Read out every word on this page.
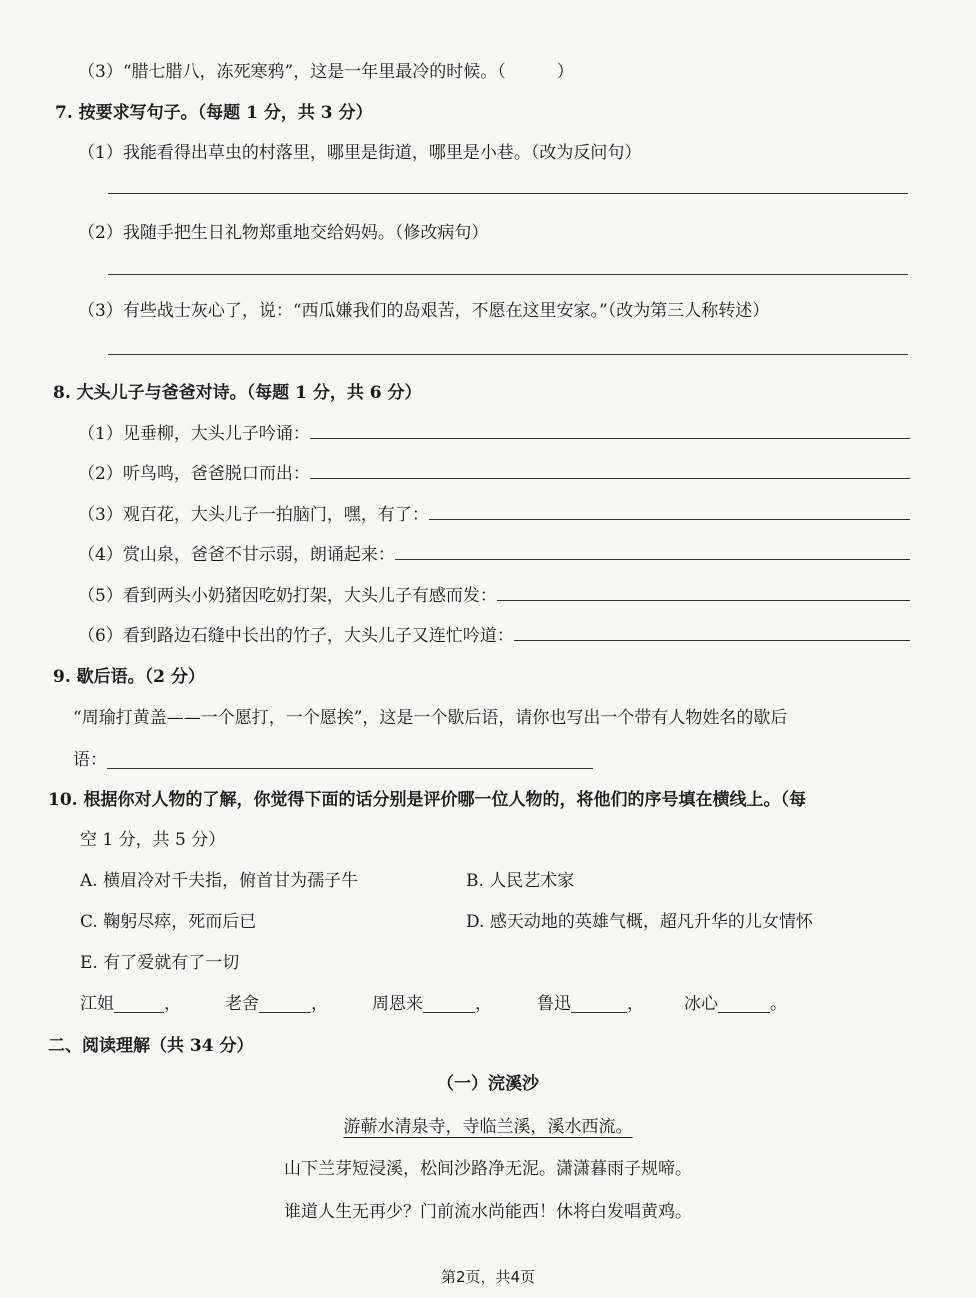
（3）“腊七腊八，冻死寒鸦”，这是一年里最冷的时候。（　　　）
7. 按要求写句子。（每题 1 分，共 3 分）
（1）我能看得出草虫的村落里，哪里是街道，哪里是小巷。（改为反问句）
（2）我随手把生日礼物郑重地交给妈妈。（修改病句）
（3）有些战士灰心了，说：“西瓜嫌我们的岛艰苦，不愿在这里安家。”（改为第三人称转述）
8. 大头儿子与爸爸对诗。（每题 1 分，共 6 分）
（1）见垂柳，大头儿子吟诵：
（2）听鸟鸣，爸爸脱口而出：
（3）观百花，大头儿子一拍脑门，嘿，有了：
（4）赏山泉，爸爸不甘示弱，朗诵起来：
（5）看到两头小奶猪因吃奶打架，大头儿子有感而发：
（6）看到路边石缝中长出的竹子，大头儿子又连忙吟道：
9. 歇后语。（2 分）
“周瑜打黄盖——一个愿打，一个愿挨”，这是一个歇后语，请你也写出一个带有人物姓名的歇后
语：
10. 根据你对人物的了解，你觉得下面的话分别是评价哪一位人物的，将他们的序号填在横线上。（每
空 1 分，共 5 分）
A. 横眉冷对千夫指，俯首甘为孺子牛	B. 人民艺术家
C. 鞠躬尽瘁，死而后已	D. 感天动地的英雄气概，超凡升华的儿女情怀
E. 有了爱就有了一切
江姐	，	老舍	，	周恩来	，	鲁迅	， 冰心	。
二、阅读理解（共 34 分）
（一）浣溪沙
游蕲水清泉寺，寺临兰溪，溪水西流。
山下兰芽短浸溪，松间沙路净无泥。潇潇暮雨子规啼。
谁道人生无再少？门前流水尚能西！休将白发唱黄鸡。
第2页，共4页
